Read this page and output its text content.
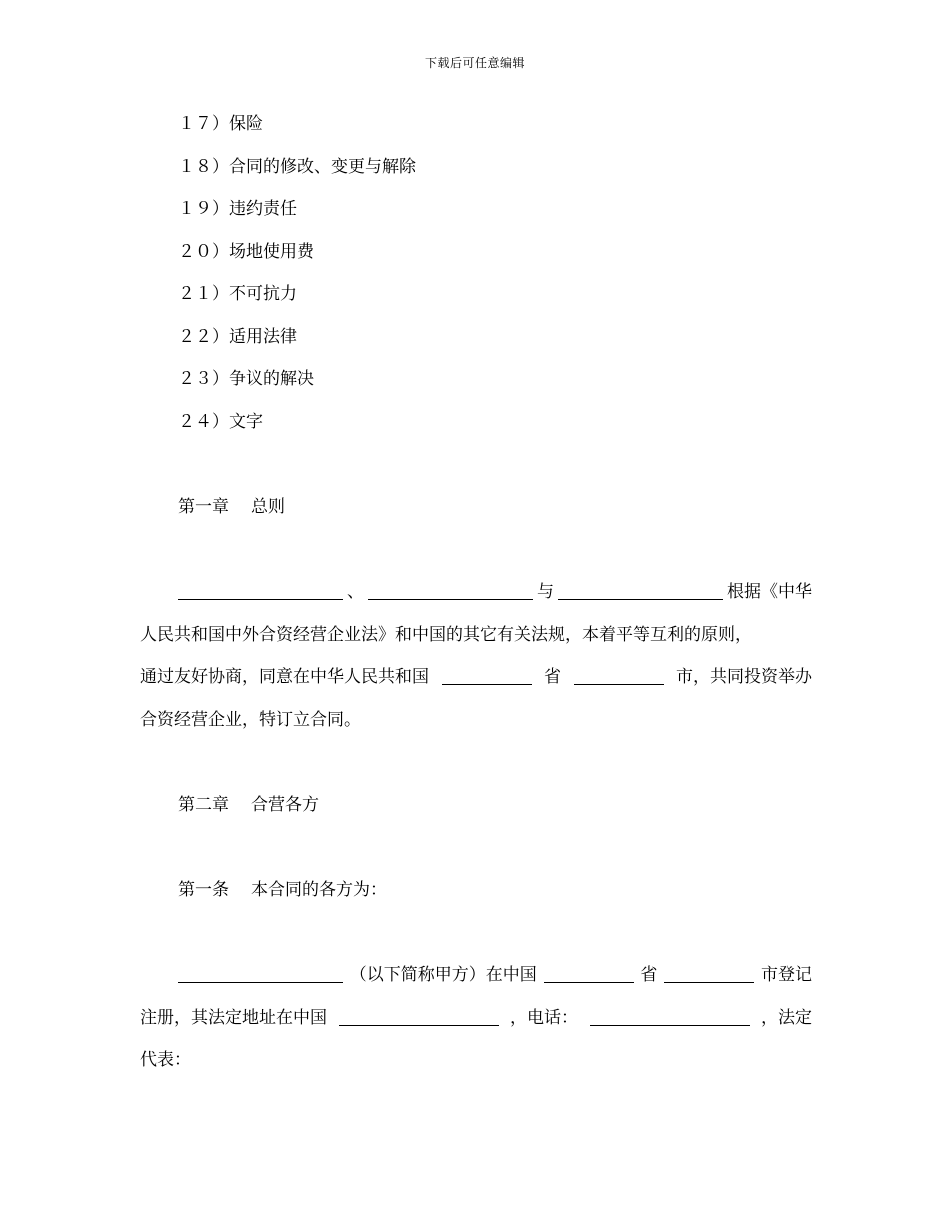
下载后可任意编辑
１７）保险
１８）合同的修改、变更与解除
１９）违约责任
２０）场地使用费
２１）不可抗力
２２）适用法律
２３）争议的解决
２４）文字
第一章 总则
、	与	根据《中华
人民共和国中外合资经营企业法》和中国的其它有关法规，本着平等互利的原则，
通过友好协商，同意在中华人民共和国	省	市，共同投资举办
合资经营企业，特订立合同。
第二章 合营各方
第一条 本合同的各方为：
（以下简称甲方）在中国	省	市登记
注册，其法定地址在中国	，电话：	，法定
代表：
